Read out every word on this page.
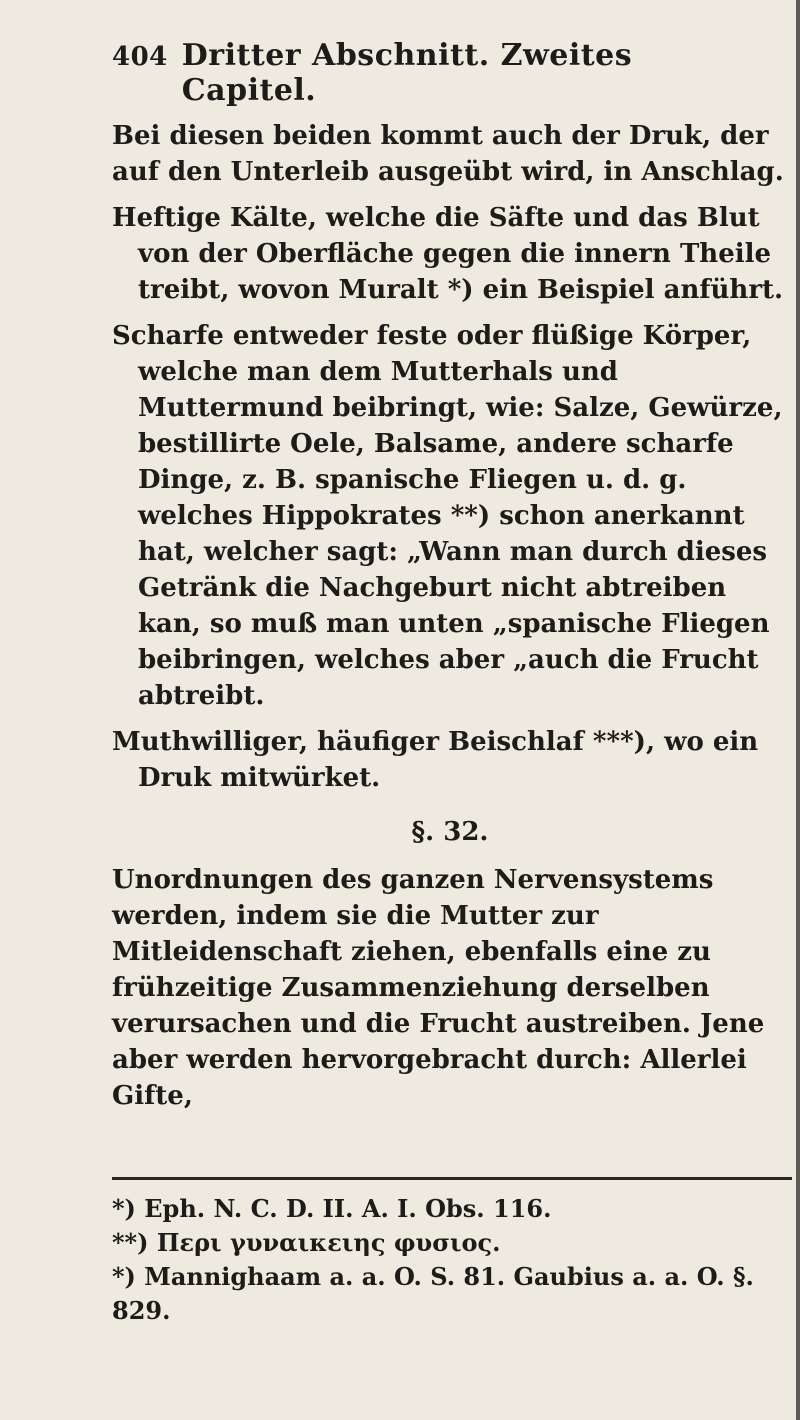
404 Dritter Abschnitt. Zweites Capitel.

Bei diesen beiden kommt auch der Druk, der auf den Unterleib ausgeübt wird, in Anschlag.

Heftige Kälte, welche die Säfte und das Blut von der Oberfläche gegen die innern Theile treibt, wovon Muralt *) ein Beispiel anführt.

Scharfe entweder feste oder flüßige Körper, welche man dem Mutterhals und Muttermund beibringt, wie: Salze, Gewürze, bestillirte Oele, Balsame, andere scharfe Dinge, z. B. spanische Fliegen u. d. g. welches Hippokrates **) schon anerkannt hat, welcher sagt: „Wann man durch dieses Getränk die Nachgeburt nicht abtreiben kan, so muß man unten „spanische Fliegen beibringen, welches aber „auch die Frucht abtreibt.

Muthwilliger, häufiger Beischlaf ***), wo ein Druk mitwürket.

§. 32.

Unordnungen des ganzen Nervensystems werden, indem sie die Mutter zur Mitleidenschaft ziehen, ebenfalls eine zu frühzeitige Zusammenziehung derselben verursachen und die Frucht austreiben. Jene aber werden hervorgebracht durch: Allerlei Gifte,

*) Eph. N. C. D. II. A. I. Obs. 116.
**) Περι γυναικειης φυσιος.
*) Mannighaam a. a. O. S. 81. Gaubius a. a. O. §. 829.
